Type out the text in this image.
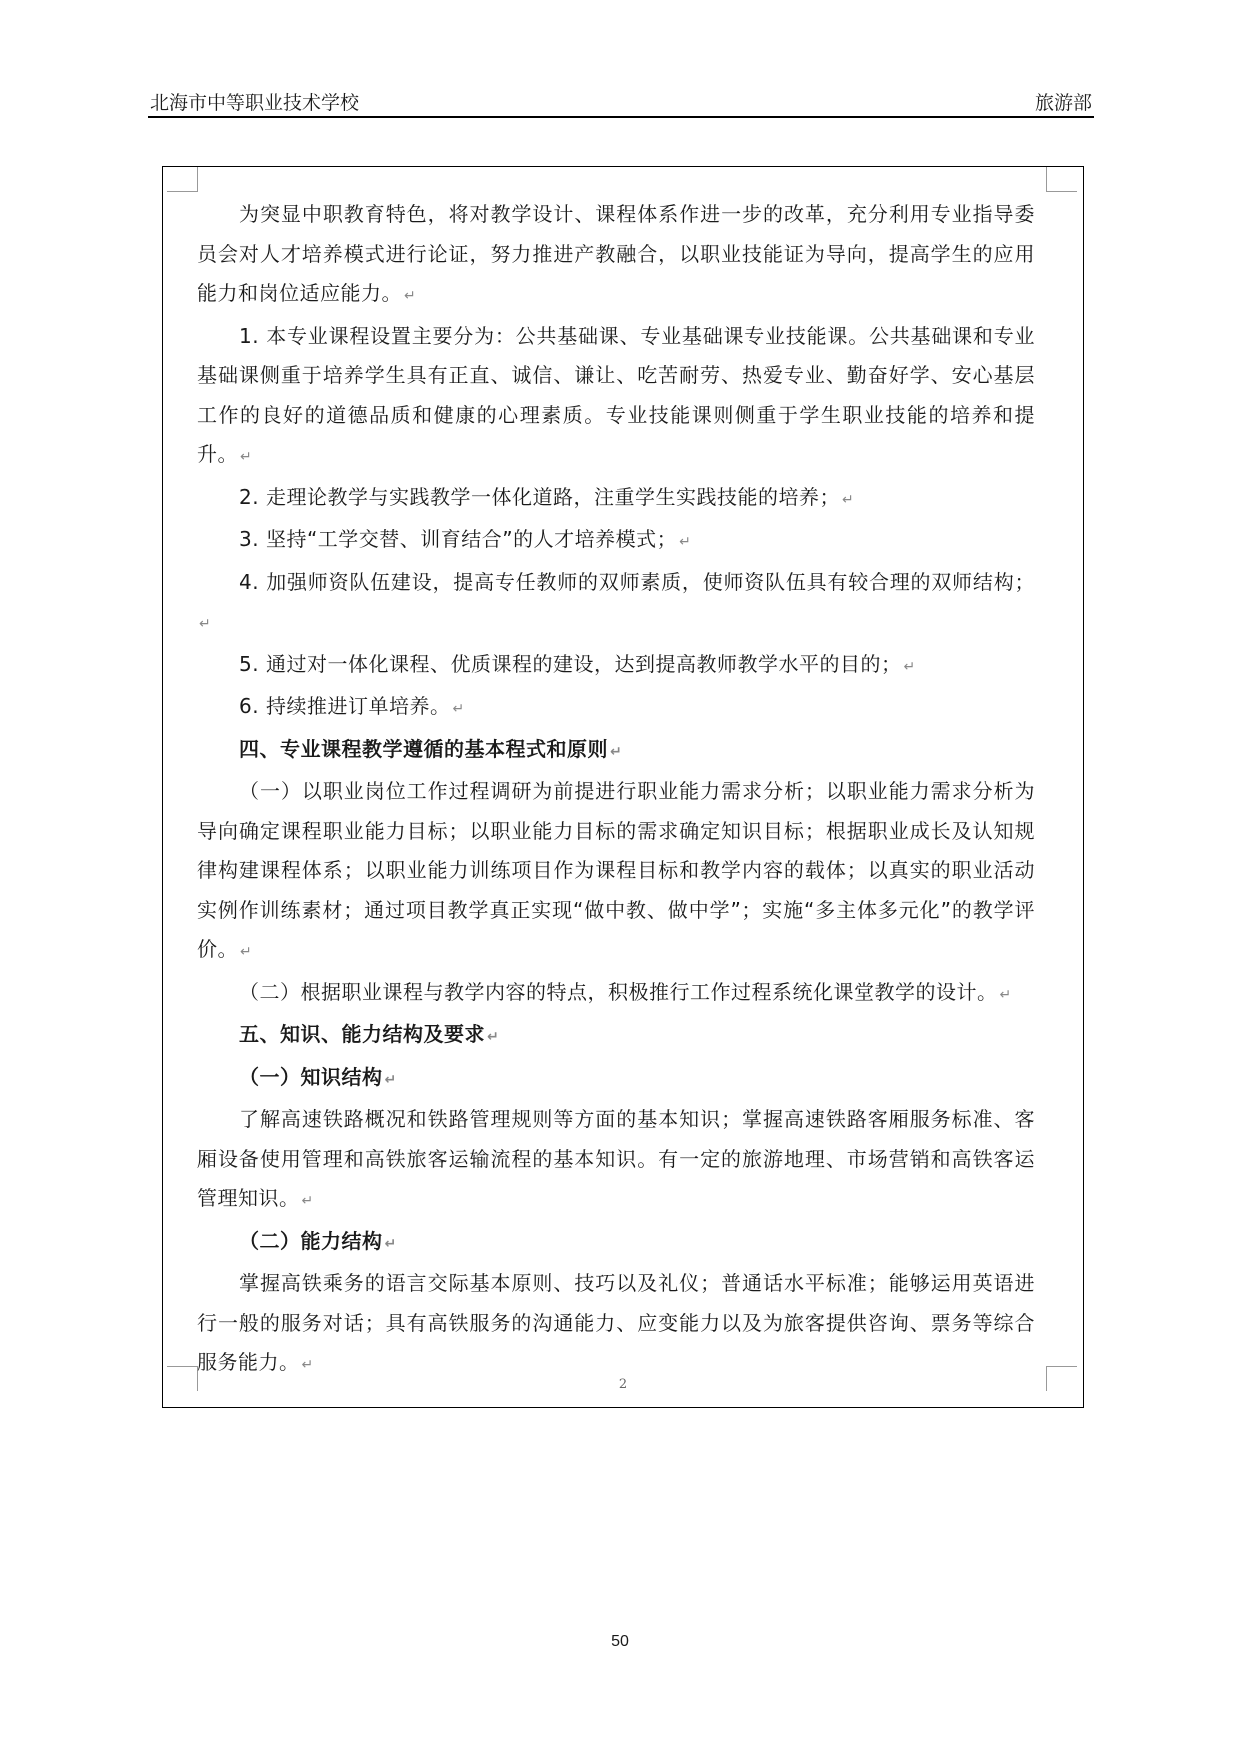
北海市中等职业技术学校	旅游部

为突显中职教育特色，将对教学设计、课程体系作进一步的改革，充分利用专业指导委员会对人才培养模式进行论证，努力推进产教融合，以职业技能证为导向，提高学生的应用能力和岗位适应能力。 ↵

1. 本专业课程设置主要分为：公共基础课、专业基础课专业技能课。公共基础课和专业基础课侧重于培养学生具有正直、诚信、谦让、吃苦耐劳、热爱专业、勤奋好学、安心基层工作的良好的道德品质和健康的心理素质。专业技能课则侧重于学生职业技能的培养和提升。 ↵

2. 走理论教学与实践教学一体化道路，注重学生实践技能的培养； ↵

3. 坚持“工学交替、训育结合”的人才培养模式； ↵

4. 加强师资队伍建设，提高专任教师的双师素质，使师资队伍具有较合理的双师结构；↵

5. 通过对一体化课程、优质课程的建设，达到提高教师教学水平的目的； ↵

6. 持续推进订单培养。 ↵

四、专业课程教学遵循的基本程式和原则 ↵

（一）以职业岗位工作过程调研为前提进行职业能力需求分析；以职业能力需求分析为导向确定课程职业能力目标；以职业能力目标的需求确定知识目标；根据职业成长及认知规律构建课程体系；以职业能力训练项目作为课程目标和教学内容的载体；以真实的职业活动实例作训练素材；通过项目教学真正实现“做中教、做中学”；实施“多主体多元化”的教学评价。 ↵

（二）根据职业课程与教学内容的特点，积极推行工作过程系统化课堂教学的设计。 ↵

五、知识、能力结构及要求 ↵

（一）知识结构 ↵

了解高速铁路概况和铁路管理规则等方面的基本知识；掌握高速铁路客厢服务标准、客厢设备使用管理和高铁旅客运输流程的基本知识。有一定的旅游地理、市场营销和高铁客运管理知识。 ↵

（二）能力结构 ↵

掌握高铁乘务的语言交际基本原则、技巧以及礼仪；普通话水平标准；能够运用英语进行一般的服务对话；具有高铁服务的沟通能力、应变能力以及为旅客提供咨询、票务等综合服务能力。 ↵

2
50
